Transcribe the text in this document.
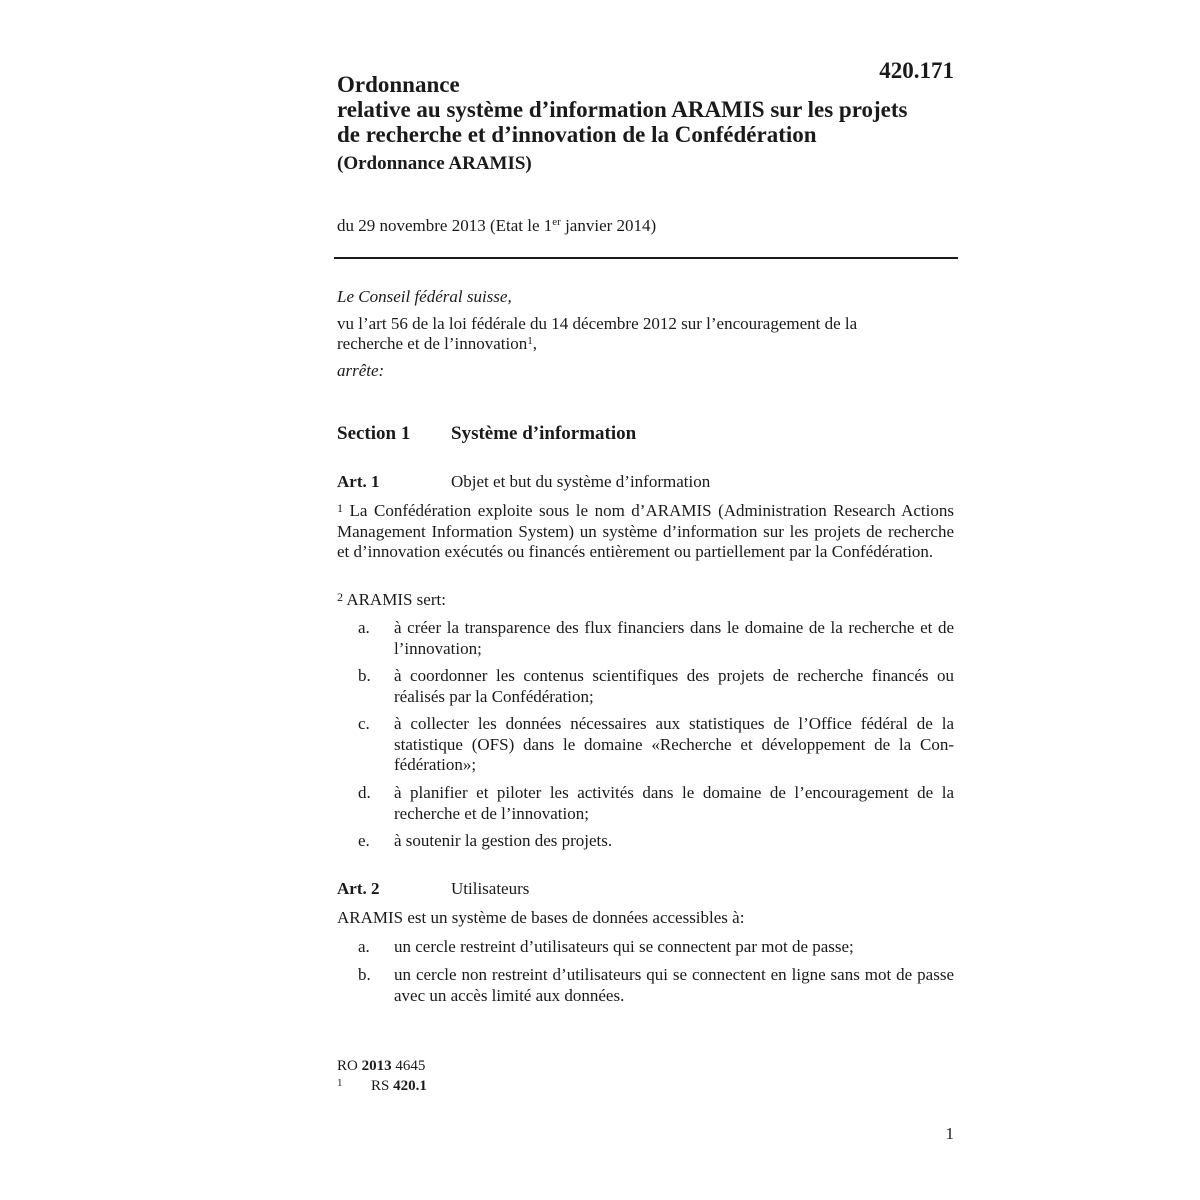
420.171
Ordonnance
relative au système d’information ARAMIS sur les projets
de recherche et d’innovation de la Confédération
(Ordonnance ARAMIS)
du 29 novembre 2013 (Etat le 1er janvier 2014)
Le Conseil fédéral suisse,
vu l’art 56 de la loi fédérale du 14 décembre 2012 sur l’encouragement de la
recherche et de l’innovation$^1$,
arrête:
Section 1 Système d’information
Art. 1	Objet et but du système d’information
$^1$ La Confédération exploite sous le nom d’ARAMIS (Administration Research Actions Management Information System) un système d’information sur les projets de recherche et d’innovation exécutés ou financés entièrement ou partiellement par la Confédération.
$^2$ ARAMIS sert:
a. à créer la transparence des flux financiers dans le domaine de la recherche et de l’innovation;
b. à coordonner les contenus scientifiques des projets de recherche financés ou réalisés par la Confédération;
c. à collecter les données nécessaires aux statistiques de l’Office fédéral de la statistique (OFS) dans le domaine «Recherche et développement de la Con-fédération»;
d. à planifier et piloter les activités dans le domaine de l’encouragement de la recherche et de l’innovation;
e. à soutenir la gestion des projets.
Art. 2	Utilisateurs
ARAMIS est un système de bases de données accessibles à:
a. un cercle restreint d’utilisateurs qui se connectent par mot de passe;
b. un cercle non restreint d’utilisateurs qui se connectent en ligne sans mot de passe avec un accès limité aux données.
RO 2013 4645
1 RS 420.1
1
